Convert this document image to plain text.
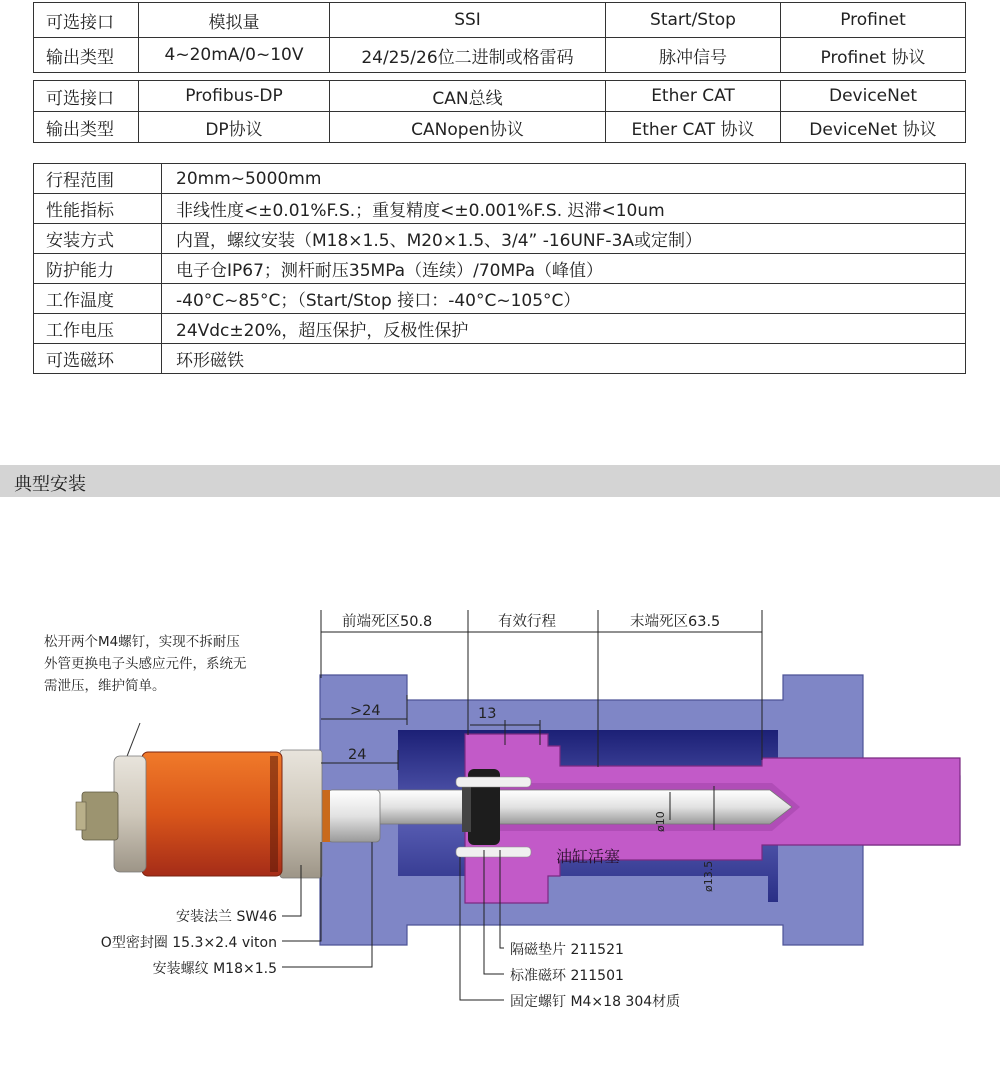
可选接口	模拟量	SSI	Start/Stop	Profinet
输出类型	4~20mA/0~10V	24/25/26位二进制或格雷码	脉冲信号	Profinet 协议
可选接口	Profibus-DP	CAN总线	Ether CAT	DeviceNet
输出类型	DP协议	CANopen协议	Ether CAT 协议	DeviceNet 协议
行程范围	20mm~5000mm
性能指标	非线性度<±0.01%F.S.；重复精度<±0.001%F.S. 迟滞<10um
安装方式	内置，螺纹安装（M18×1.5、M20×1.5、3/4” -16UNF-3A或定制）
防护能力	电子仓IP67；测杆耐压35MPa（连续）/70MPa（峰值）
工作温度	-40°C~85°C；（Start/Stop 接口：-40°C~105°C）
工作电压	24Vdc±20%，超压保护，反极性保护
可选磁环	环形磁铁
典型安装
松开两个M4螺钉，实现不拆耐压
外管更换电子头感应元件，系统无
需泄压，维护简单。
油缸活塞
前端死区50.8	有效行程	末端死区63.5
>24
24
13
ø10
ø13.5
安装法兰 SW46
O型密封圈 15.3×2.4 viton
安装螺纹 M18×1.5
隔磁垫片 211521
标准磁环 211501
固定螺钉 M4×18 304材质
